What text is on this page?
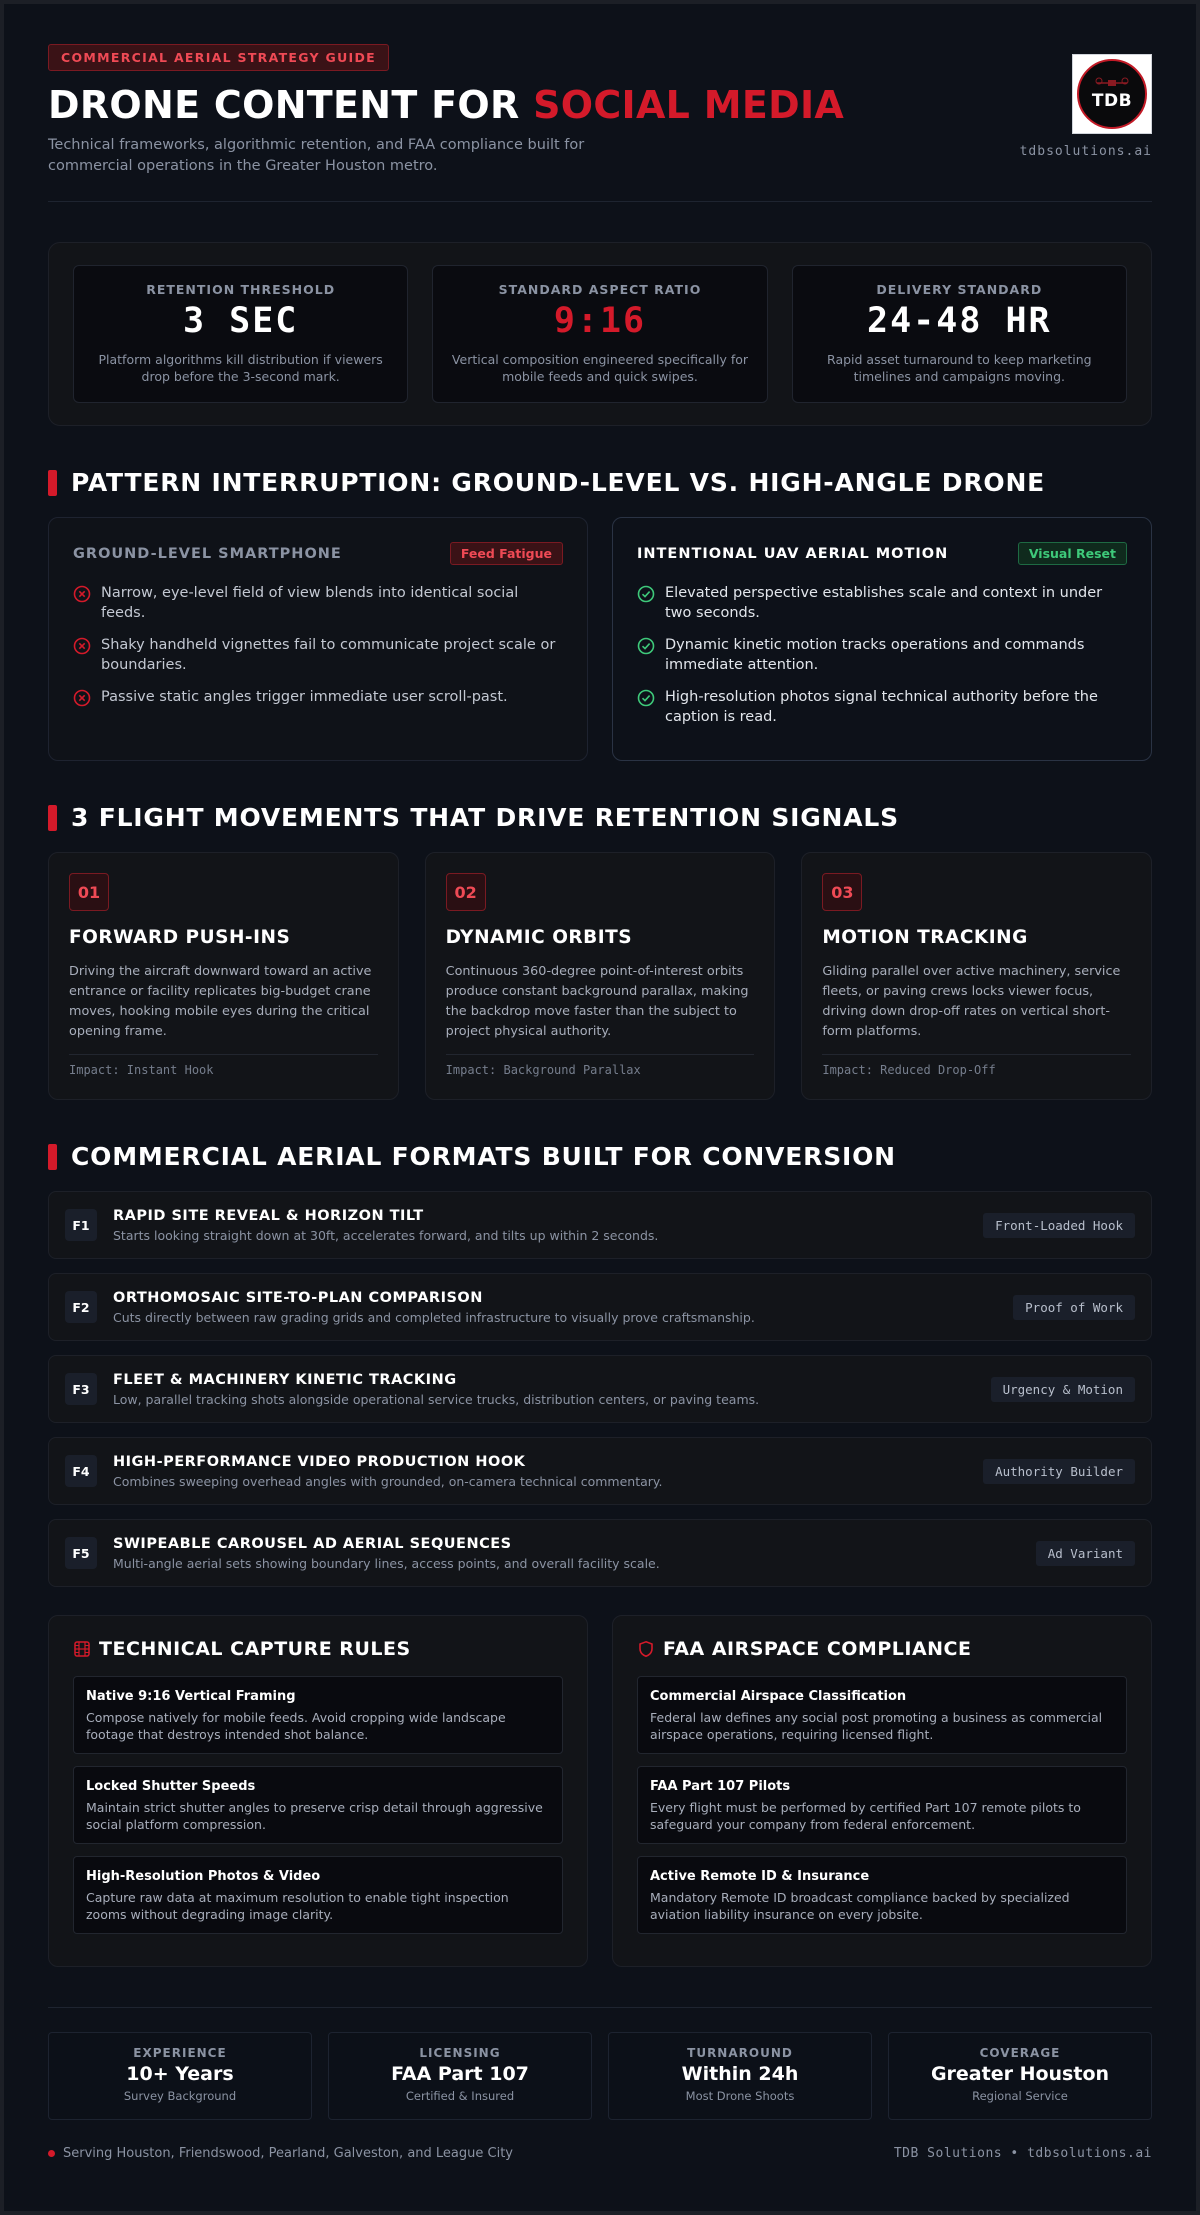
COMMERCIAL AERIAL STRATEGY GUIDE
DRONE CONTENT FOR SOCIAL MEDIA
Technical frameworks, algorithmic retention, and FAA compliance built for commercial operations in the Greater Houston metro.
TDB
tdbsolutions.ai
RETENTION THRESHOLD
3 SEC
Platform algorithms kill distribution if viewers drop before the 3-second mark.
STANDARD ASPECT RATIO
9:16
Vertical composition engineered specifically for mobile feeds and quick swipes.
DELIVERY STANDARD
24-48 HR
Rapid asset turnaround to keep marketing timelines and campaigns moving.
PATTERN INTERRUPTION: GROUND-LEVEL VS. HIGH-ANGLE DRONE
GROUND-LEVEL SMARTPHONE	Feed Fatigue
Narrow, eye-level field of view blends into identical social feeds.
Shaky handheld vignettes fail to communicate project scale or boundaries.
Passive static angles trigger immediate user scroll-past.
INTENTIONAL UAV AERIAL MOTION	Visual Reset
Elevated perspective establishes scale and context in under two seconds.
Dynamic kinetic motion tracks operations and commands immediate attention.
High-resolution photos signal technical authority before the caption is read.
3 FLIGHT MOVEMENTS THAT DRIVE RETENTION SIGNALS
01
FORWARD PUSH-INS
Driving the aircraft downward toward an active entrance or facility replicates big-budget crane moves, hooking mobile eyes during the critical opening frame.
Impact: Instant Hook
02
DYNAMIC ORBITS
Continuous 360-degree point-of-interest orbits produce constant background parallax, making the backdrop move faster than the subject to project physical authority.
Impact: Background Parallax
03
MOTION TRACKING
Gliding parallel over active machinery, service fleets, or paving crews locks viewer focus, driving down drop-off rates on vertical short-form platforms.
Impact: Reduced Drop-Off
COMMERCIAL AERIAL FORMATS BUILT FOR CONVERSION
F1
RAPID SITE REVEAL & HORIZON TILT
Starts looking straight down at 30ft, accelerates forward, and tilts up within 2 seconds.
Front-Loaded Hook
F2
ORTHOMOSAIC SITE-TO-PLAN COMPARISON
Cuts directly between raw grading grids and completed infrastructure to visually prove craftsmanship.
Proof of Work
F3
FLEET & MACHINERY KINETIC TRACKING
Low, parallel tracking shots alongside operational service trucks, distribution centers, or paving teams.
Urgency & Motion
F4
HIGH-PERFORMANCE VIDEO PRODUCTION HOOK
Combines sweeping overhead angles with grounded, on-camera technical commentary.
Authority Builder
F5
SWIPEABLE CAROUSEL AD AERIAL SEQUENCES
Multi-angle aerial sets showing boundary lines, access points, and overall facility scale.
Ad Variant
TECHNICAL CAPTURE RULES
Native 9:16 Vertical Framing
Compose natively for mobile feeds. Avoid cropping wide landscape footage that destroys intended shot balance.
Locked Shutter Speeds
Maintain strict shutter angles to preserve crisp detail through aggressive social platform compression.
High-Resolution Photos & Video
Capture raw data at maximum resolution to enable tight inspection zooms without degrading image clarity.
FAA AIRSPACE COMPLIANCE
Commercial Airspace Classification
Federal law defines any social post promoting a business as commercial airspace operations, requiring licensed flight.
FAA Part 107 Pilots
Every flight must be performed by certified Part 107 remote pilots to safeguard your company from federal enforcement.
Active Remote ID & Insurance
Mandatory Remote ID broadcast compliance backed by specialized aviation liability insurance on every jobsite.
EXPERIENCE
10+ Years
Survey Background
LICENSING
FAA Part 107
Certified & Insured
TURNAROUND
Within 24h
Most Drone Shoots
COVERAGE
Greater Houston
Regional Service
Serving Houston, Friendswood, Pearland, Galveston, and League City	TDB Solutions • tdbsolutions.ai
